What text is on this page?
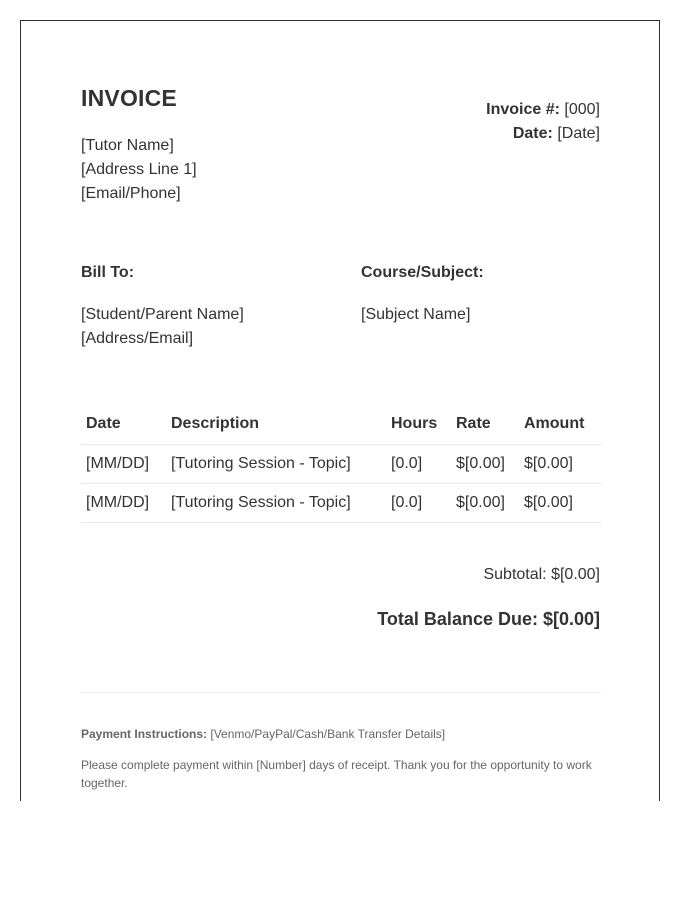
INVOICE
[Tutor Name]
[Address Line 1]
[Email/Phone]
Invoice #: [000]
Date: [Date]
Bill To:
[Student/Parent Name]
[Address/Email]
Course/Subject:
[Subject Name]
Date	Description	Hours	Rate	Amount
[MM/DD]	[Tutoring Session - Topic]	[0.0]	$[0.00]	$[0.00]
[MM/DD]	[Tutoring Session - Topic]	[0.0]	$[0.00]	$[0.00]
Subtotal: $[0.00]
Total Balance Due: $[0.00]
Payment Instructions: [Venmo/PayPal/Cash/Bank Transfer Details]
Please complete payment within [Number] days of receipt. Thank you for the opportunity to work together.
